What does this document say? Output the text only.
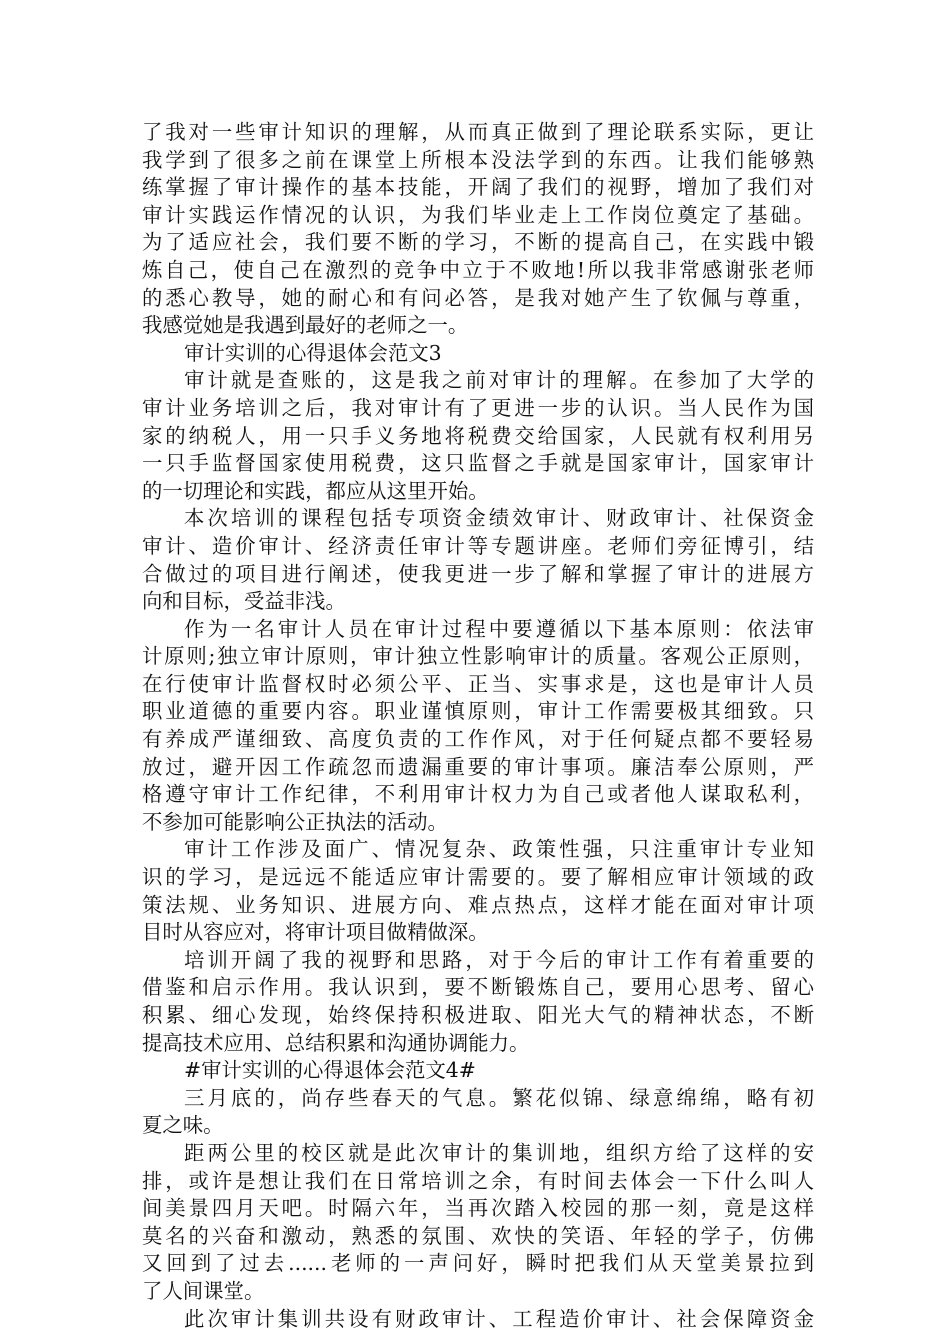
了我对一些审计知识的理解，从而真正做到了理论联系实际，更让
我学到了很多之前在课堂上所根本没法学到的东西。让我们能够熟
练掌握了审计操作的基本技能，开阔了我们的视野，增加了我们对
审计实践运作情况的认识，为我们毕业走上工作岗位奠定了基础。
为了适应社会，我们要不断的学习，不断的提高自己，在实践中锻
炼自己，使自己在激烈的竞争中立于不败地!所以我非常感谢张老师
的悉心教导，她的耐心和有问必答，是我对她产生了钦佩与尊重，
我感觉她是我遇到最好的老师之一。
审计实训的心得退体会范文3
审计就是查账的，这是我之前对审计的理解。在参加了大学的
审计业务培训之后，我对审计有了更进一步的认识。当人民作为国
家的纳税人，用一只手义务地将税费交给国家，人民就有权利用另
一只手监督国家使用税费，这只监督之手就是国家审计，国家审计
的一切理论和实践，都应从这里开始。
本次培训的课程包括专项资金绩效审计、财政审计、社保资金
审计、造价审计、经济责任审计等专题讲座。老师们旁征博引，结
合做过的项目进行阐述，使我更进一步了解和掌握了审计的进展方
向和目标，受益非浅。
作为一名审计人员在审计过程中要遵循以下基本原则：依法审
计原则;独立审计原则，审计独立性影响审计的质量。客观公正原则，
在行使审计监督权时必须公平、正当、实事求是，这也是审计人员
职业道德的重要内容。职业谨慎原则，审计工作需要极其细致。只
有养成严谨细致、高度负责的工作作风，对于任何疑点都不要轻易
放过，避开因工作疏忽而遗漏重要的审计事项。廉洁奉公原则，严
格遵守审计工作纪律，不利用审计权力为自己或者他人谋取私利，
不参加可能影响公正执法的活动。
审计工作涉及面广、情况复杂、政策性强，只注重审计专业知
识的学习，是远远不能适应审计需要的。要了解相应审计领域的政
策法规、业务知识、进展方向、难点热点，这样才能在面对审计项
目时从容应对，将审计项目做精做深。
培训开阔了我的视野和思路，对于今后的审计工作有着重要的
借鉴和启示作用。我认识到，要不断锻炼自己，要用心思考、留心
积累、细心发现，始终保持积极进取、阳光大气的精神状态，不断
提高技术应用、总结积累和沟通协调能力。
#审计实训的心得退体会范文4#
三月底的，尚存些春天的气息。繁花似锦、绿意绵绵，略有初
夏之味。
距两公里的校区就是此次审计的集训地，组织方给了这样的安
排，或许是想让我们在日常培训之余，有时间去体会一下什么叫人
间美景四月天吧。时隔六年，当再次踏入校园的那一刻，竟是这样
莫名的兴奋和激动，熟悉的氛围、欢快的笑语、年轻的学子，仿佛
又回到了过去......老师的一声问好，瞬时把我们从天堂美景拉到
了人间课堂。
此次审计集训共设有财政审计、工程造价审计、社会保障资金
